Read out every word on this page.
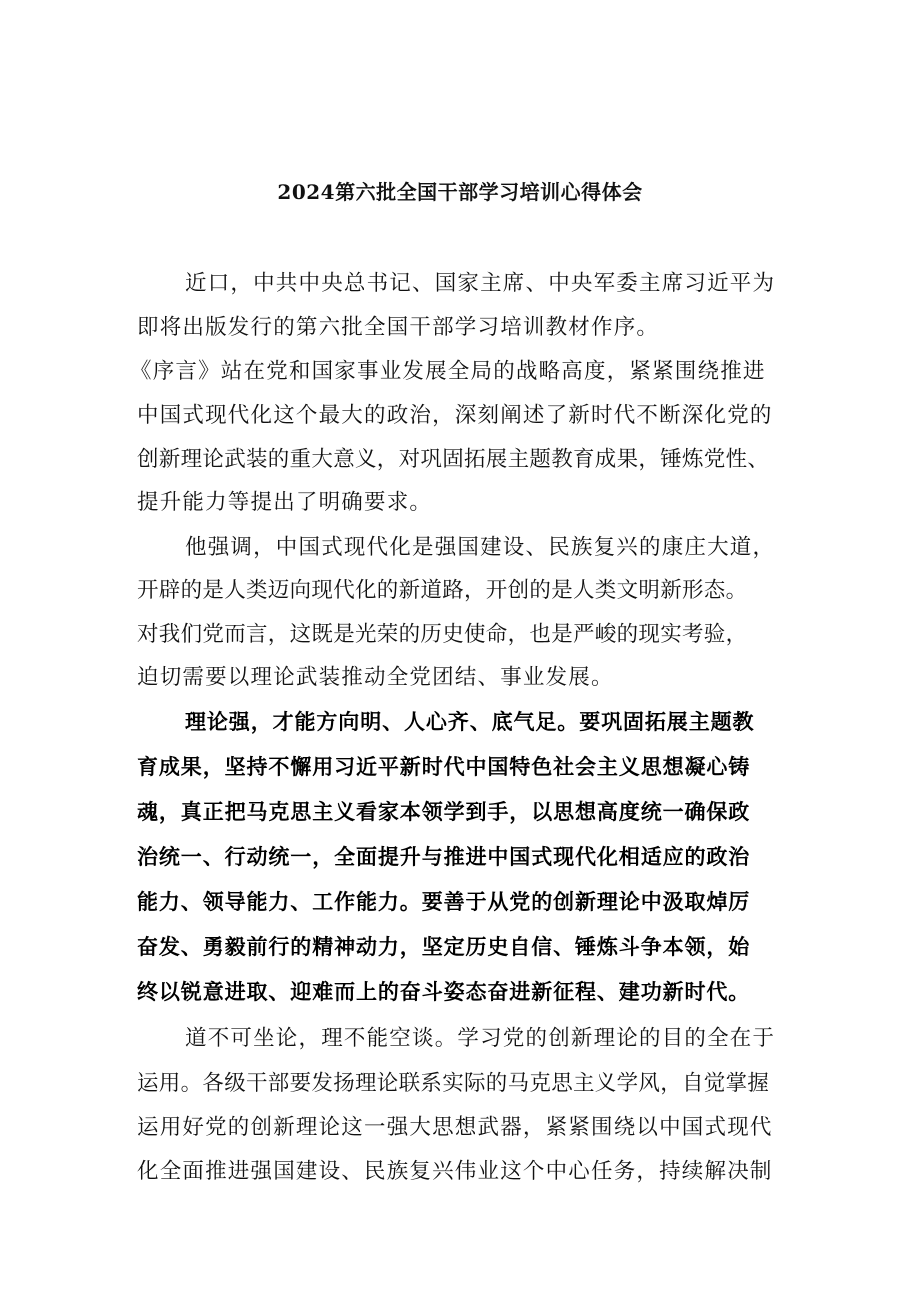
2024第六批全国干部学习培训心得体会
近口，中共中央总书记、国家主席、中央军委主席习近平为
即将出版发行的第六批全国干部学习培训教材作序。
《序言》站在党和国家事业发展全局的战略高度，紧紧围绕推进
中国式现代化这个最大的政治，深刻阐述了新时代不断深化党的
创新理论武装的重大意义，对巩固拓展主题教育成果，锤炼党性、
提升能力等提出了明确要求。
他强调，中国式现代化是强国建设、民族复兴的康庄大道，
开辟的是人类迈向现代化的新道路，开创的是人类文明新形态。
对我们党而言，这既是光荣的历史使命，也是严峻的现实考验，
迫切需要以理论武装推动全党团结、事业发展。
理论强，才能方向明、人心齐、底气足。要巩固拓展主题教
育成果，坚持不懈用习近平新时代中国特色社会主义思想凝心铸
魂，真正把马克思主义看家本领学到手，以思想高度统一确保政
治统一、行动统一，全面提升与推进中国式现代化相适应的政治
能力、领导能力、工作能力。要善于从党的创新理论中汲取焯厉
奋发、勇毅前行的精神动力，坚定历史自信、锤炼斗争本领，始
终以锐意进取、迎难而上的奋斗姿态奋进新征程、建功新时代。
道不可坐论，理不能空谈。学习党的创新理论的目的全在于
运用。各级干部要发扬理论联系实际的马克思主义学风，自觉掌握
运用好党的创新理论这一强大思想武器，紧紧围绕以中国式现代
化全面推进强国建设、民族复兴伟业这个中心任务，持续解决制
